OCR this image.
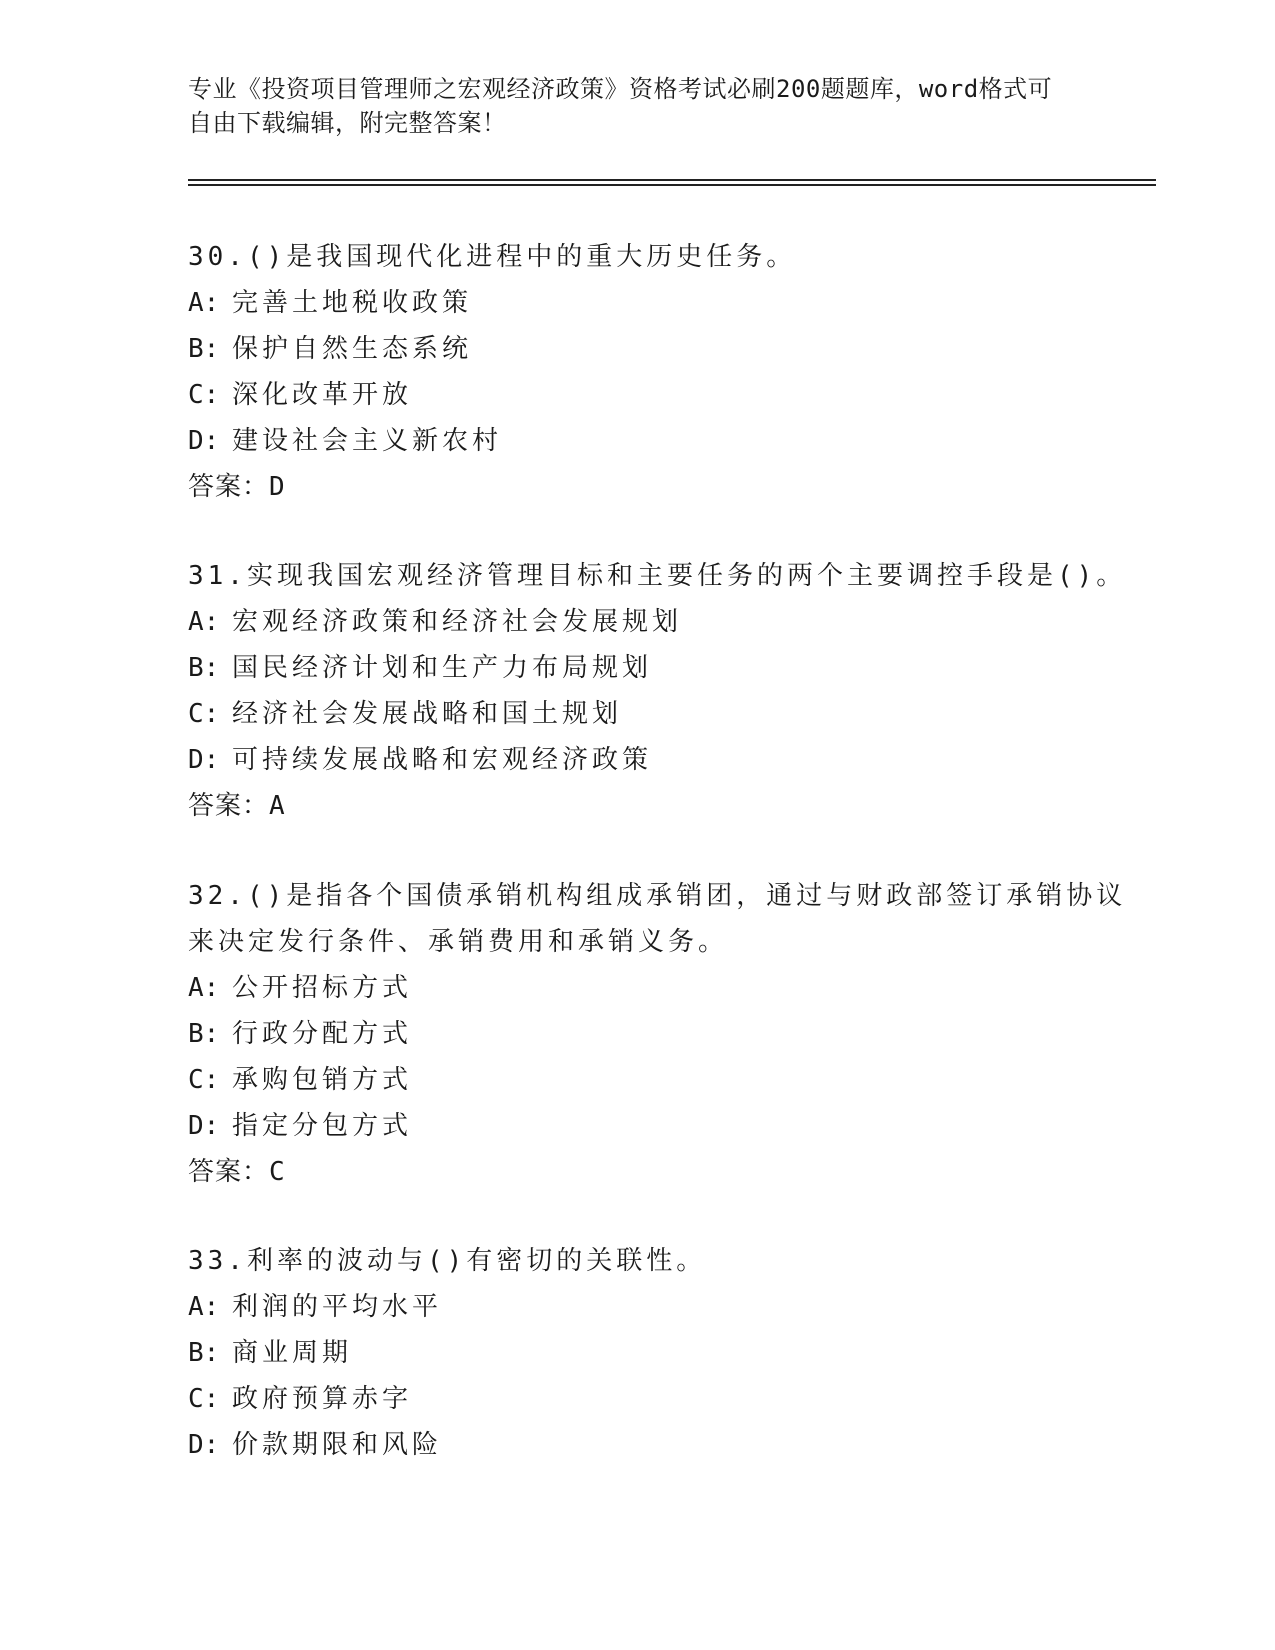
专业《投资项目管理师之宏观经济政策》资格考试必刷200题题库，word格式可
自由下载编辑，附完整答案！
30.()是我国现代化进程中的重大历史任务。
A: 完善土地税收政策
B: 保护自然生态系统
C: 深化改革开放
D: 建设社会主义新农村
答案：D
31.实现我国宏观经济管理目标和主要任务的两个主要调控手段是()。
A: 宏观经济政策和经济社会发展规划
B: 国民经济计划和生产力布局规划
C: 经济社会发展战略和国土规划
D: 可持续发展战略和宏观经济政策
答案：A
32.()是指各个国债承销机构组成承销团，通过与财政部签订承销协议
来决定发行条件、承销费用和承销义务。
A: 公开招标方式
B: 行政分配方式
C: 承购包销方式
D: 指定分包方式
答案：C
33.利率的波动与()有密切的关联性。
A: 利润的平均水平
B: 商业周期
C: 政府预算赤字
D: 价款期限和风险
